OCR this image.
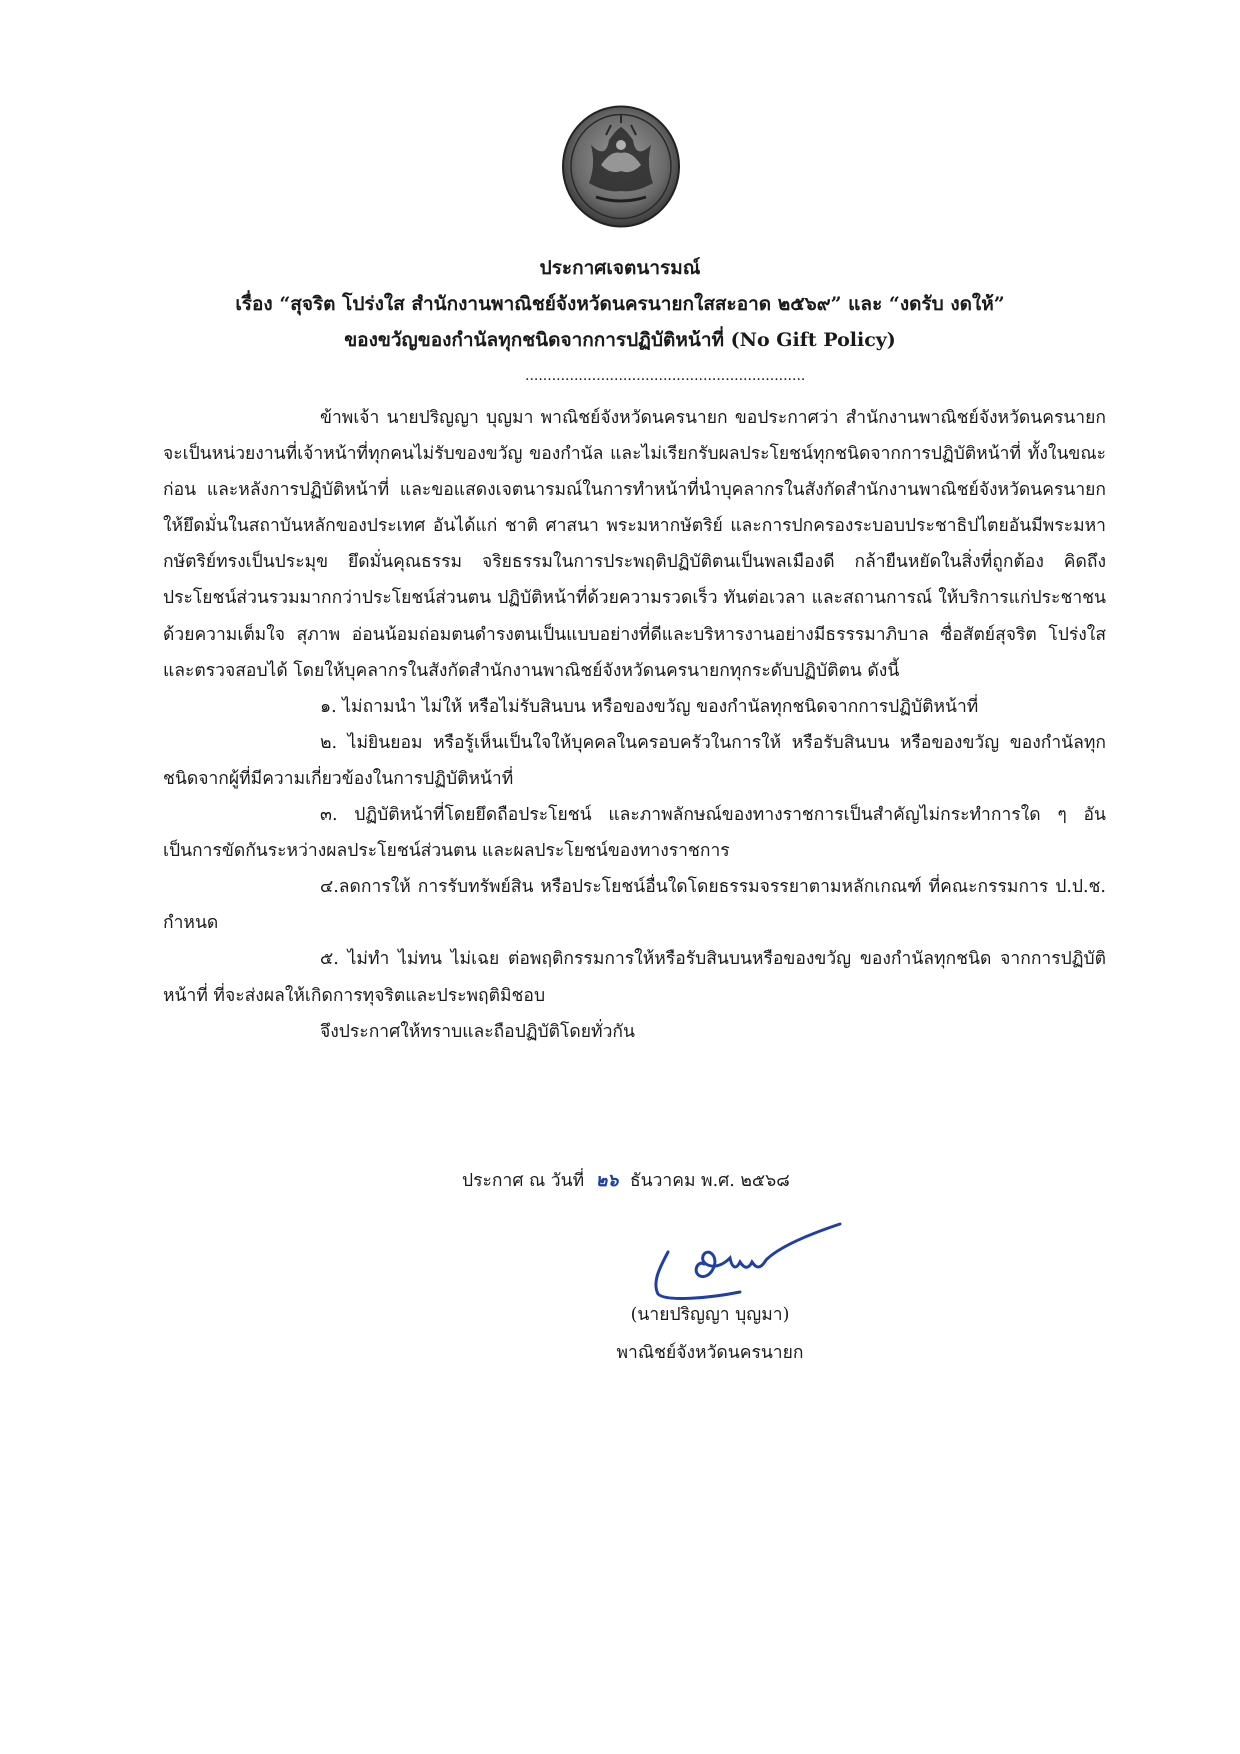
ประกาศเจตนารมณ์
เรื่อง “สุจริต โปร่งใส สำนักงานพาณิชย์จังหวัดนครนายกใสสะอาด ๒๕๖๙” และ “งดรับ งดให้”
ของขวัญของกำนัลทุกชนิดจากการปฏิบัติหน้าที่ (No Gift Policy)
...............................................................

ข้าพเจ้า นายปริญญา บุญมา พาณิชย์จังหวัดนครนายก ขอประกาศว่า สำนักงานพาณิชย์จังหวัดนครนายก จะเป็นหน่วยงานที่เจ้าหน้าที่ทุกคนไม่รับของขวัญ ของกำนัล และไม่เรียกรับผลประโยชน์ทุกชนิดจากการปฏิบัติหน้าที่ ทั้งในขณะ ก่อน และหลังการปฏิบัติหน้าที่ และขอแสดงเจตนารมณ์ในการทำหน้าที่นำบุคลากรในสังกัดสำนักงานพาณิชย์จังหวัดนครนายก ให้ยึดมั่นในสถาบันหลักของประเทศ อันได้แก่ ชาติ ศาสนา พระมหากษัตริย์ และการปกครองระบอบประชาธิปไตยอันมีพระมหากษัตริย์ทรงเป็นประมุข ยึดมั่นคุณธรรม จริยธรรมในการประพฤติปฏิบัติตนเป็นพลเมืองดี กล้ายืนหยัดในสิ่งที่ถูกต้อง คิดถึงประโยชน์ส่วนรวมมากกว่าประโยชน์ส่วนตน ปฏิบัติหน้าที่ด้วยความรวดเร็ว ทันต่อเวลา และสถานการณ์ ให้บริการแก่ประชาชน ด้วยความเต็มใจ สุภาพ อ่อนน้อมถ่อมตนดำรงตนเป็นแบบอย่างที่ดีและบริหารงานอย่างมีธรรรมาภิบาล ซื่อสัตย์สุจริต โปร่งใส และตรวจสอบได้ โดยให้บุคลากรในสังกัดสำนักงานพาณิชย์จังหวัดนครนายกทุกระดับปฏิบัติตน ดังนี้

๑. ไม่ถามนำ ไม่ให้ หรือไม่รับสินบน หรือของขวัญ ของกำนัลทุกชนิดจากการปฏิบัติหน้าที่

๒. ไม่ยินยอม หรือรู้เห็นเป็นใจให้บุคคลในครอบครัวในการให้ หรือรับสินบน หรือของขวัญ ของกำนัลทุกชนิดจากผู้ที่มีความเกี่ยวข้องในการปฏิบัติหน้าที่

๓. ปฏิบัติหน้าที่โดยยึดถือประโยชน์ และภาพลักษณ์ของทางราชการเป็นสำคัญไม่กระทำการใด ๆ อันเป็นการขัดกันระหว่างผลประโยชน์ส่วนตน และผลประโยชน์ของทางราชการ

๔.ลดการให้ การรับทรัพย์สิน หรือประโยชน์อื่นใดโดยธรรมจรรยาตามหลักเกณฑ์ ที่คณะกรรมการ ป.ป.ช. กำหนด

๕. ไม่ทำ ไม่ทน ไม่เฉย ต่อพฤติกรรมการให้หรือรับสินบนหรือของขวัญ ของกำนัลทุกชนิด จากการปฏิบัติหน้าที่ ที่จะส่งผลให้เกิดการทุจริตและประพฤติมิชอบ

จึงประกาศให้ทราบและถือปฏิบัติโดยทั่วกัน

ประกาศ ณ วันที่ ๒๖ ธันวาคม พ.ศ. ๒๕๖๘
(นายปริญญา บุญมา)
พาณิชย์จังหวัดนครนายก
